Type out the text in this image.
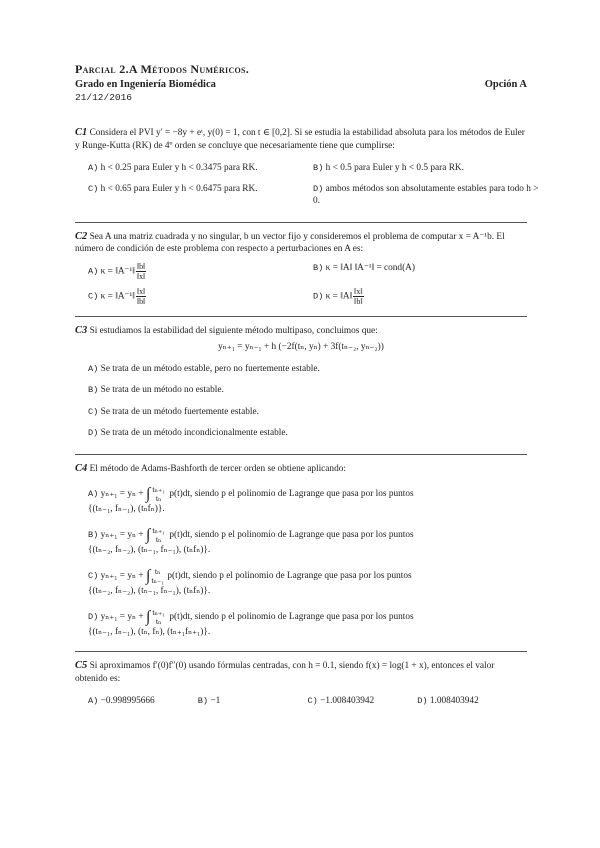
Parcial 2.A Métodos Numéricos.
Grado en Ingeniería Biomédica	Opción A
21/12/2016
C1 Considera el PVI y′ = −8y + eᵗ, y(0) = 1, con t ∈ [0,2]. Si se estudia la estabilidad absoluta para los métodos de Euler y Runge-Kutta (RK) de 4º orden se concluye que necesariamente tiene que cumplirse:
A) h < 0.25 para Euler y h < 0.3475 para RK.	B) h < 0.5 para Euler y h < 0.5 para RK.
C) h < 0.65 para Euler y h < 0.6475 para RK.	D) ambos métodos son absolutamente estables para todo h > 0.
C2 Sea A una matriz cuadrada y no singular, b un vector fijo y consideremos el problema de computar x = A⁻¹b. El número de condición de este problema con respecto a perturbaciones en A es:
A) κ = ‖A⁻¹‖ $\frac{‖b‖}{‖x‖}$	B) κ = ‖A‖ ‖A⁻¹‖ = cond(A)
C) κ = ‖A⁻¹‖ $\frac{‖x‖}{‖b‖}$	D) κ = ‖A‖ $\frac{‖x‖}{‖b‖}$
C3 Si estudiamos la estabilidad del siguiente método multipaso, concluimos que:
yₙ₊₁ = yₙ₋₁ + h (−2f(tₙ, yₙ) + 3f(tₙ₋₂, yₙ₋₂))
A) Se trata de un método estable, pero no fuertemente estable.
B) Se trata de un método no estable.
C) Se trata de un método fuertemente estable.
D) Se trata de un método incondicionalmente estable.
C4 El método de Adams-Bashforth de tercer orden se obtiene aplicando:
A) yₙ₊₁ = yₙ + ∫ tₙ₊₁
tₙ p(t)dt, siendo p el polinomio de Lagrange que pasa por los puntos
{(tₙ₋₁, fₙ₋₁), (tₙfₙ)}.
B) yₙ₊₁ = yₙ + ∫ tₙ₊₁
tₙ p(t)dt, siendo p el polinomio de Lagrange que pasa por los puntos
{(tₙ₋₂, fₙ₋₂), (tₙ₋₁, fₙ₋₁), (tₙfₙ)}.
C) yₙ₊₁ = yₙ + ∫ tₙ
tₙ₋₁ p(t)dt, siendo p el polinomio de Lagrange que pasa por los puntos
{(tₙ₋₂, fₙ₋₂), (tₙ₋₁, fₙ₋₁), (tₙfₙ)}.
D) yₙ₊₁ = yₙ + ∫ tₙ₊₁
tₙ p(t)dt, siendo p el polinomio de Lagrange que pasa por los puntos
{(tₙ₋₁, fₙ₋₁), (tₙ, fₙ), (tₙ₊₁fₙ₊₁)}.
C5 Si aproximamos f′(0)f″(0) usando fórmulas centradas, con h = 0.1, siendo f(x) = log(1 + x), entonces el valor obtenido es:
A) −0.998995666	B) −1	C) −1.008403942	D) 1.008403942
